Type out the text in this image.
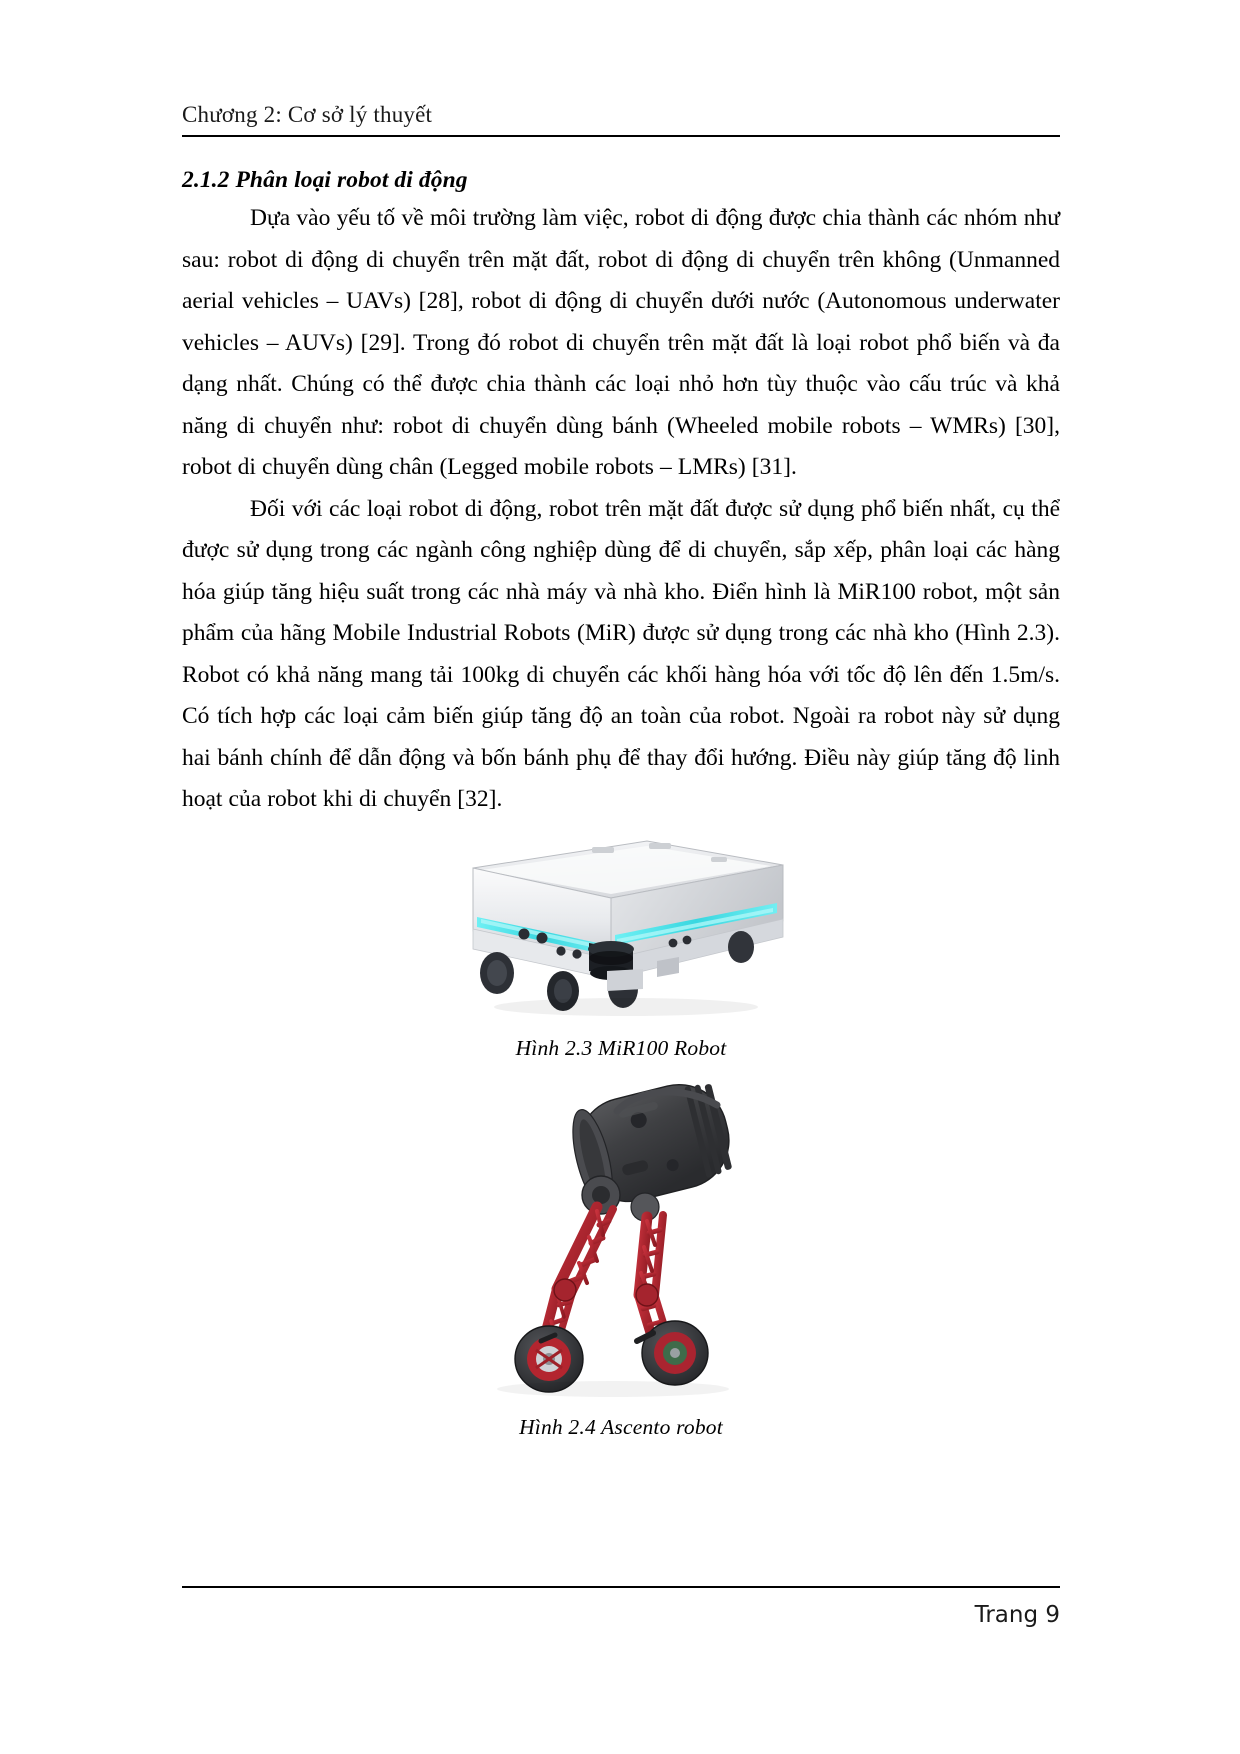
Chương 2: Cơ sở lý thuyết
2.1.2 Phân loại robot di động

Dựa vào yếu tố về môi trường làm việc, robot di động được chia thành các nhóm như sau: robot di động di chuyển trên mặt đất, robot di động di chuyển trên không (Unmanned aerial vehicles – UAVs) [28], robot di động di chuyển dưới nước (Autonomous underwater vehicles – AUVs) [29]. Trong đó robot di chuyển trên mặt đất là loại robot phổ biến và đa dạng nhất. Chúng có thể được chia thành các loại nhỏ hơn tùy thuộc vào cấu trúc và khả năng di chuyển như: robot di chuyển dùng bánh (Wheeled mobile robots – WMRs) [30], robot di chuyển dùng chân (Legged mobile robots – LMRs) [31].

Đối với các loại robot di động, robot trên mặt đất được sử dụng phổ biến nhất, cụ thể được sử dụng trong các ngành công nghiệp dùng để di chuyển, sắp xếp, phân loại các hàng hóa giúp tăng hiệu suất trong các nhà máy và nhà kho. Điển hình là MiR100 robot, một sản phẩm của hãng Mobile Industrial Robots (MiR) được sử dụng trong các nhà kho (Hình 2.3). Robot có khả năng mang tải 100kg di chuyển các khối hàng hóa với tốc độ lên đến 1.5m/s. Có tích hợp các loại cảm biến giúp tăng độ an toàn của robot. Ngoài ra robot này sử dụng hai bánh chính để dẫn động và bốn bánh phụ để thay đổi hướng. Điều này giúp tăng độ linh hoạt của robot khi di chuyển [32].

Hình 2.3 MiR100 Robot
Hình 2.4 Ascento robot
Trang 9
